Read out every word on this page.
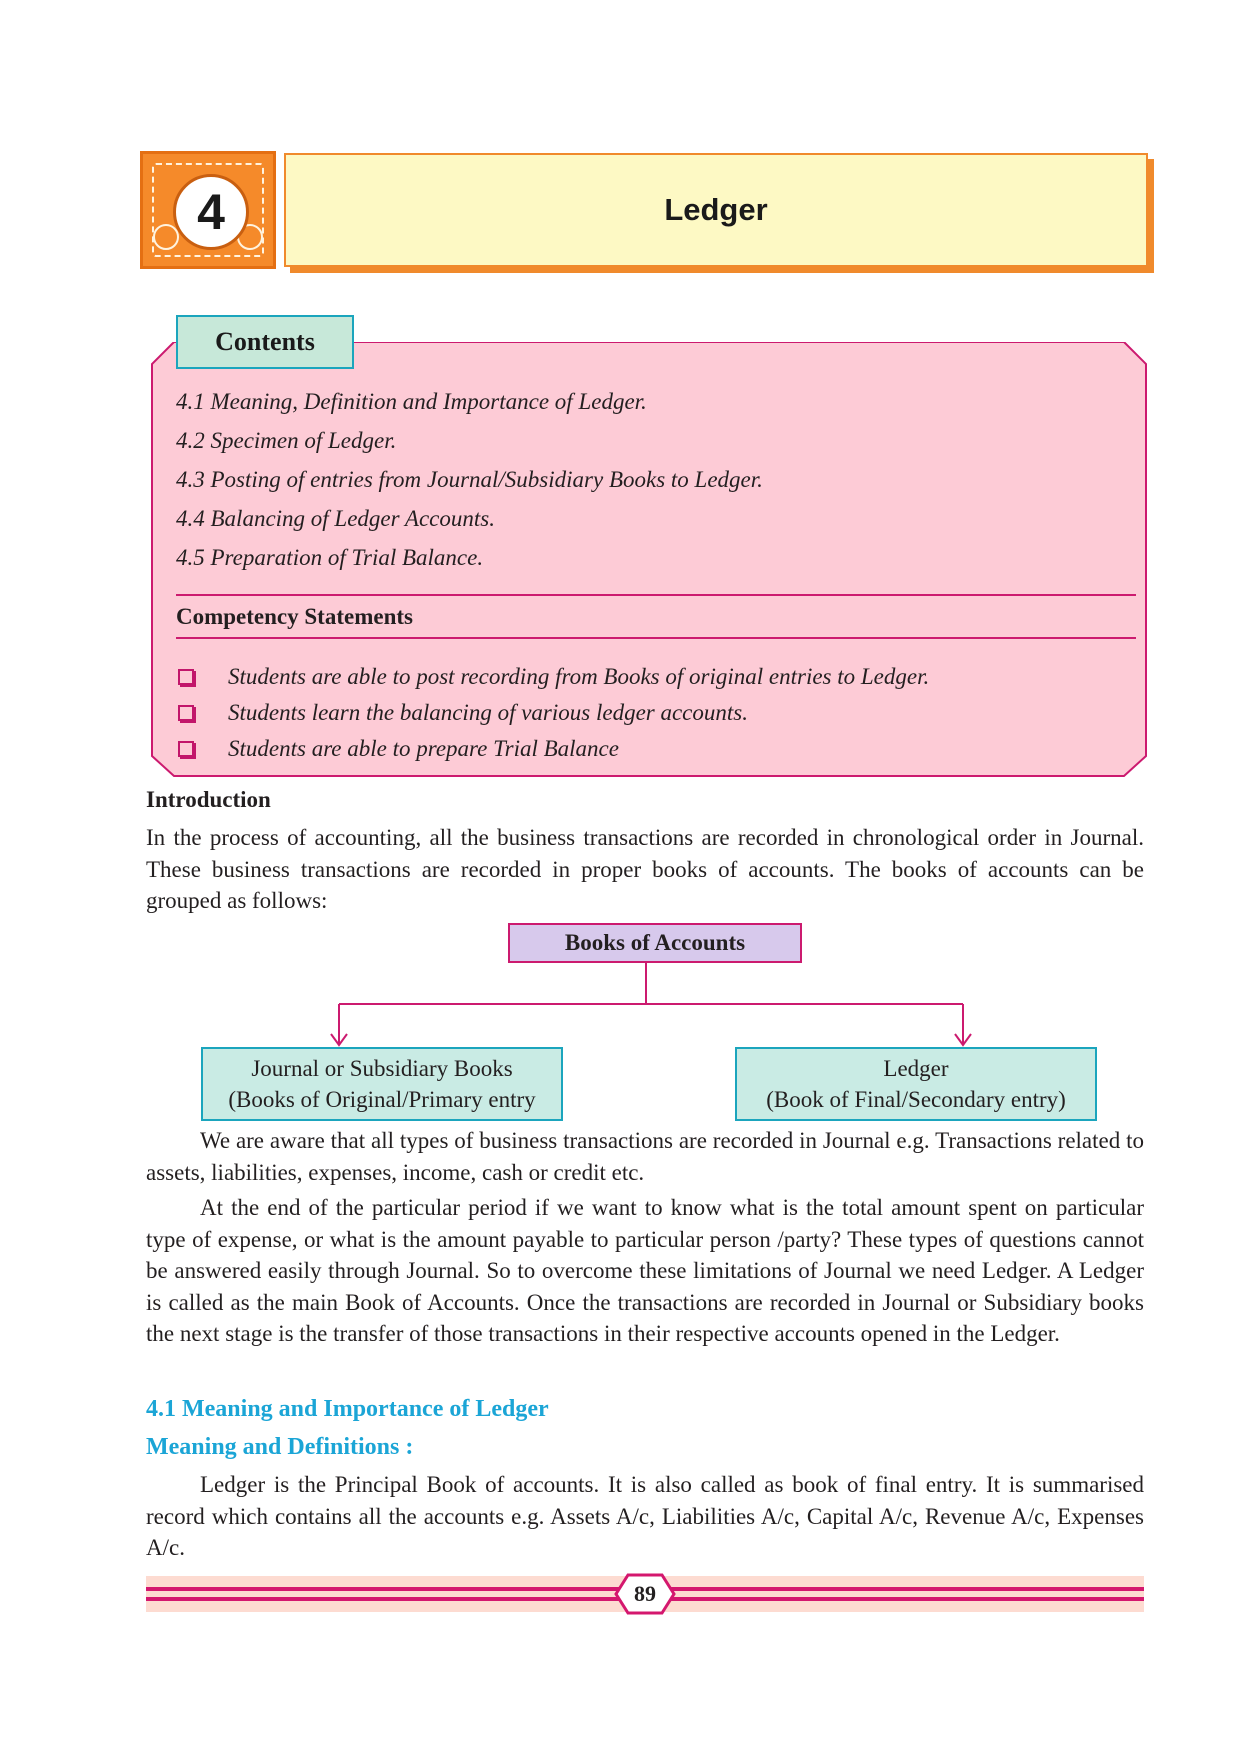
4	Ledger
Contents
4.1 Meaning, Definition and Importance of Ledger.
4.2 Specimen of Ledger.
4.3 Posting of entries from Journal/Subsidiary Books to Ledger.
4.4 Balancing of Ledger Accounts.
4.5 Preparation of Trial Balance.
Competency Statements
Students are able to post recording from Books of original entries to Ledger.
Students learn the balancing of various ledger accounts.
Students are able to prepare Trial Balance
Introduction

In the process of accounting, all the business transactions are recorded in chronological order in Journal. These business transactions are recorded in proper books of accounts. The books of accounts can be grouped as follows:

Books of Accounts
Journal or Subsidiary Books
(Books of Original/Primary entry
Ledger
(Book of Final/Secondary entry)

We are aware that all types of business transactions are recorded in Journal e.g. Transactions related to assets, liabilities, expenses, income, cash or credit etc.

At the end of the particular period if we want to know what is the total amount spent on particular type of expense, or what is the amount payable to particular person /party? These types of questions cannot be answered easily through Journal. So to overcome these limitations of Journal we need Ledger. A Ledger is called as the main Book of Accounts. Once the transactions are recorded in Journal or Subsidiary books the next stage is the transfer of those transactions in their respective accounts opened in the Ledger.

4.1 Meaning and Importance of Ledger
Meaning and Definitions :

Ledger is the Principal Book of accounts. It is also called as book of final entry. It is summarised record which contains all the accounts e.g. Assets A/c, Liabilities A/c, Capital A/c, Revenue A/c, Expenses A/c.

89
